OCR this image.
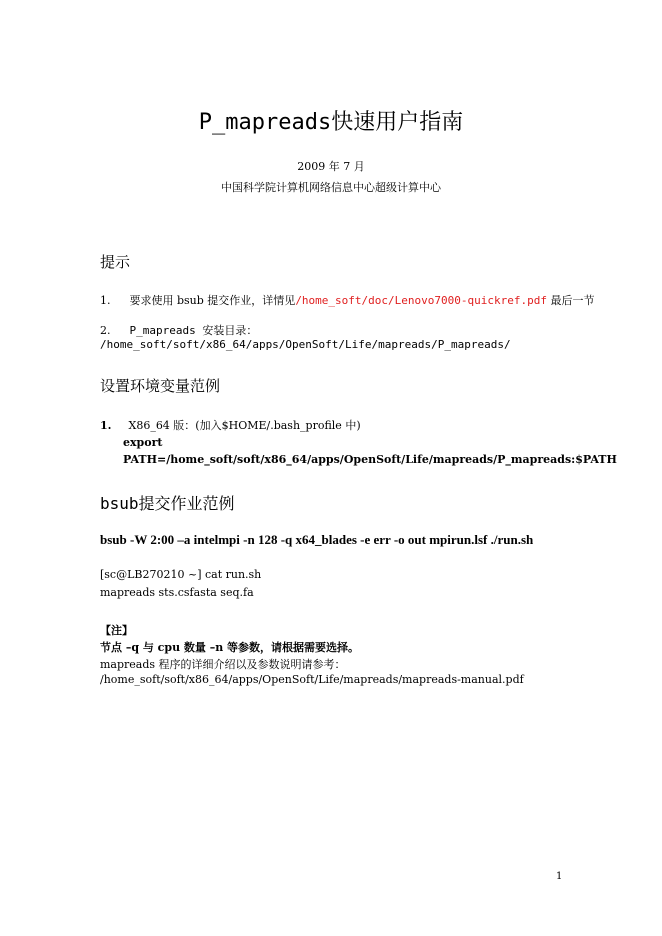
P_mapreads快速用户指南
2009 年 7 月
中国科学院计算机网络信息中心超级计算中心
提示
1. 要求使用 bsub 提交作业，详情见/home_soft/doc/Lenovo7000-quickref.pdf 最后一节
2. P_mapreads 安装目录：
/home_soft/soft/x86_64/apps/OpenSoft/Life/mapreads/P_mapreads/
设置环境变量范例
1. X86_64 版：(加入$HOME/.bash_profile 中)
export
PATH=/home_soft/soft/x86_64/apps/OpenSoft/Life/mapreads/P_mapreads:$PATH
bsub提交作业范例
bsub -W 2:00 –a intelmpi -n 128 -q x64_blades -e err -o out mpirun.lsf ./run.sh
[sc@LB270210 ~] cat run.sh
mapreads sts.csfasta seq.fa
【注】
节点 –q 与 cpu 数量 –n 等参数，请根据需要选择。
mapreads 程序的详细介绍以及参数说明请参考：
/home_soft/soft/x86_64/apps/OpenSoft/Life/mapreads/mapreads-manual.pdf
1
